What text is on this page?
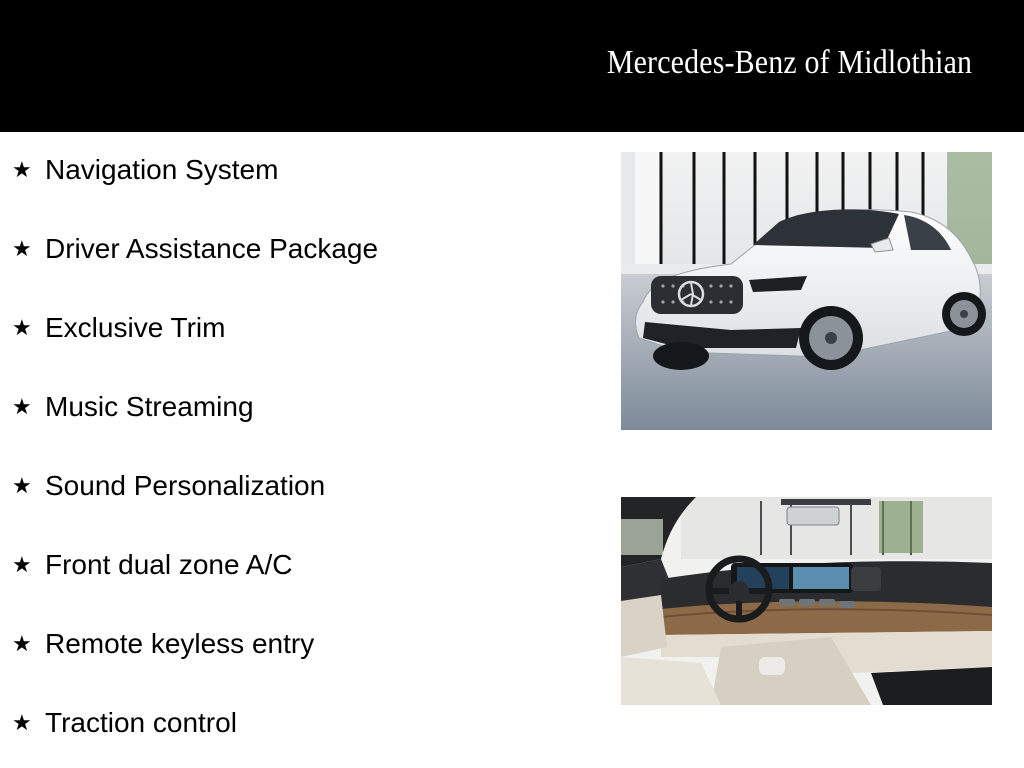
Mercedes-Benz of Midlothian
★ Navigation System
★ Driver Assistance Package
★ Exclusive Trim
★ Music Streaming
★ Sound Personalization
★ Front dual zone A/C
★ Remote keyless entry
★ Traction control
